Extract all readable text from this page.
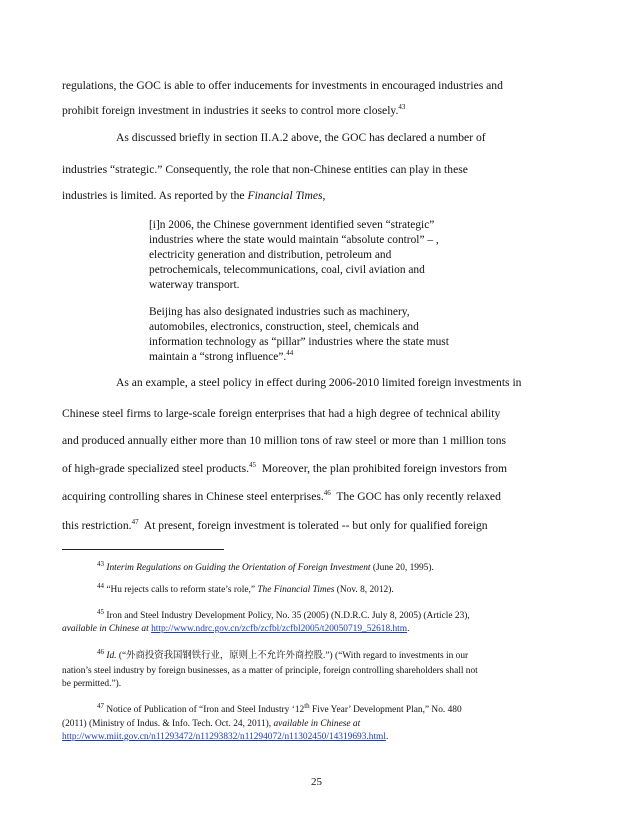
regulations, the GOC is able to offer inducements for investments in encouraged industries and
prohibit foreign investment in industries it seeks to control more closely.$^{43}$
As discussed briefly in section II.A.2 above, the GOC has declared a number of
industries “strategic.” Consequently, the role that non-Chinese entities can play in these
industries is limited. As reported by the Financial Times,
[i]n 2006, the Chinese government identified seven “strategic”
industries where the state would maintain “absolute control” – ,
electricity generation and distribution, petroleum and
petrochemicals, telecommunications, coal, civil aviation and
waterway transport.
Beijing has also designated industries such as machinery,
automobiles, electronics, construction, steel, chemicals and
information technology as “pillar” industries where the state must
maintain a “strong influence”.$^{44}$
As an example, a steel policy in effect during 2006-2010 limited foreign investments in
Chinese steel firms to large-scale foreign enterprises that had a high degree of technical ability
and produced annually either more than 10 million tons of raw steel or more than 1 million tons
of high-grade specialized steel products.$^{45}$  Moreover, the plan prohibited foreign investors from
acquiring controlling shares in Chinese steel enterprises.$^{46}$  The GOC has only recently relaxed
this restriction.$^{47}$  At present, foreign investment is tolerated -- but only for qualified foreign
$^{43}$ Interim Regulations on Guiding the Orientation of Foreign Investment (June 20, 1995).
$^{44}$ “Hu rejects calls to reform state’s role,” The Financial Times (Nov. 8, 2012).
$^{45}$ Iron and Steel Industry Development Policy, No. 35 (2005) (N.D.R.C. July 8, 2005) (Article 23),
available in Chinese at http://www.ndrc.gov.cn/zcfb/zcfbl/zcfbl2005/t20050719_52618.htm.
$^{46}$ Id. (“外商投资我国钢铁行业，原则上不允许外商控股.”) (“With regard to investments in our
nation’s steel industry by foreign businesses, as a matter of principle, foreign controlling shareholders shall not
be permitted.”).
$^{47}$ Notice of Publication of “Iron and Steel Industry ‘12th Five Year’ Development Plan,” No. 480
(2011) (Ministry of Indus. & Info. Tech. Oct. 24, 2011), available in Chinese at
http://www.miit.gov.cn/n11293472/n11293832/n11294072/n11302450/14319693.html.
25
